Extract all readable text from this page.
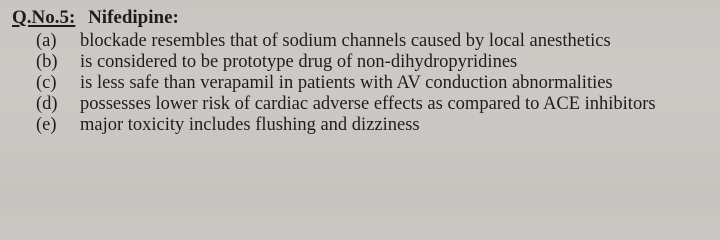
Q.No.5: Nifedipine:
(a)	blockade resembles that of sodium channels caused by local anesthetics
(b)	is considered to be prototype drug of non-dihydropyridines
(c)	is less safe than verapamil in patients with AV conduction abnormalities
(d)	possesses lower risk of cardiac adverse effects as compared to ACE inhibitors
(e)	major toxicity includes flushing and dizziness
